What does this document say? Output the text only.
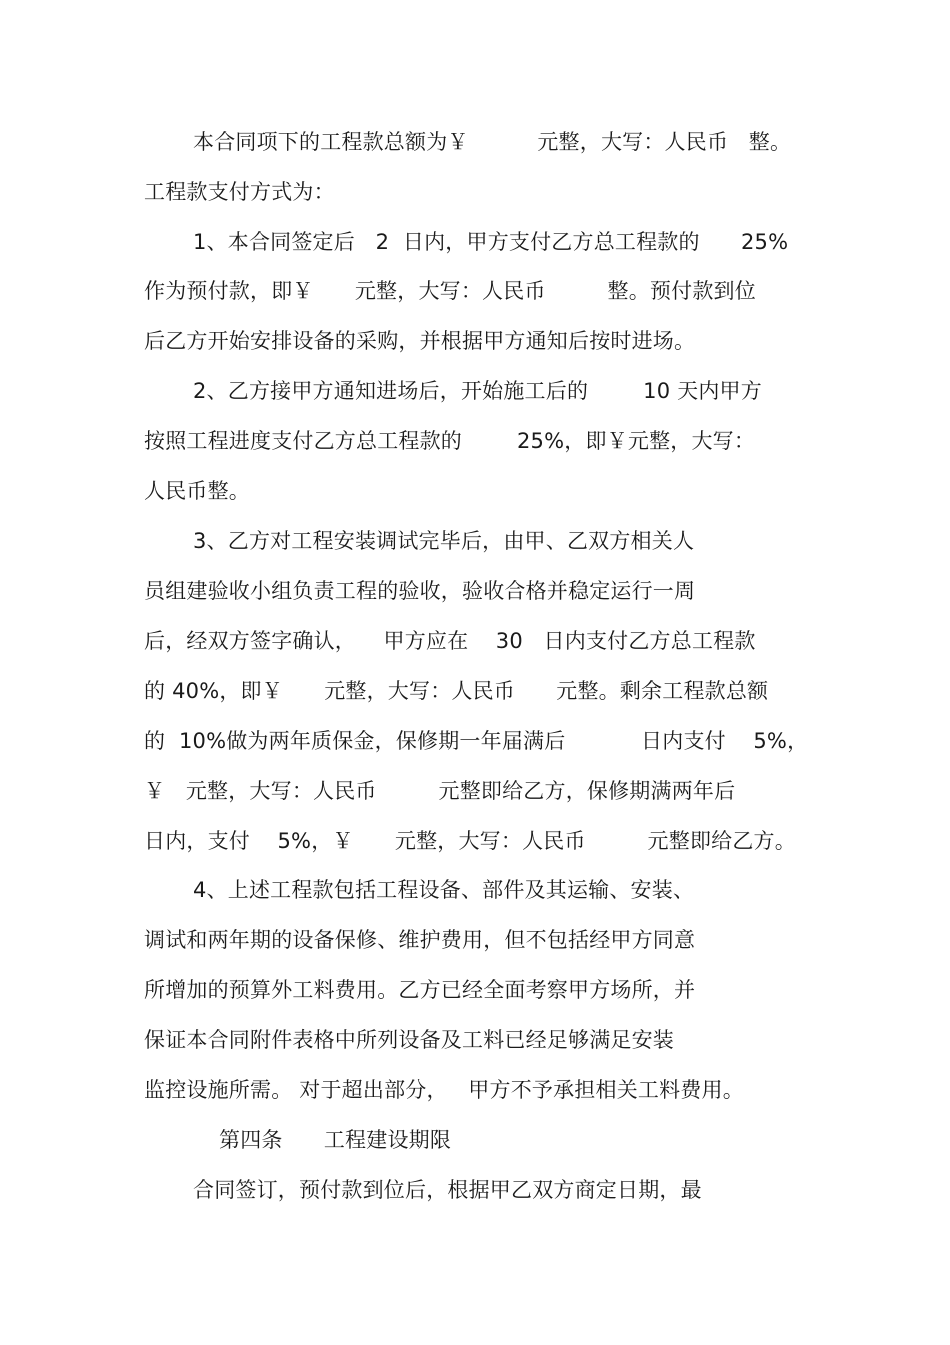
本合同项下的工程款总额为￥          元整，大写：人民币   整。
工程款支付方式为：
1、本合同签定后   2  日内，甲方支付乙方总工程款的      25%
作为预付款，即￥      元整，大写：人民币         整。预付款到位
后乙方开始安排设备的采购，并根据甲方通知后按时进场。
2、乙方接甲方通知进场后，开始施工后的        10 天内甲方
按照工程进度支付乙方总工程款的        25%，即￥元整，大写：
人民币整。
3、乙方对工程安装调试完毕后，由甲、乙双方相关人
员组建验收小组负责工程的验收，验收合格并稳定运行一周
后，经双方签字确认，    甲方应在    30   日内支付乙方总工程款
的 40%，即￥      元整，大写：人民币      元整。剩余工程款总额
的  10%做为两年质保金，保修期一年届满后           日内支付    5%，
￥   元整，大写：人民币         元整即给乙方，保修期满两年后
日内，支付    5%，￥      元整，大写：人民币         元整即给乙方。
4、上述工程款包括工程设备、部件及其运输、安装、
调试和两年期的设备保修、维护费用，但不包括经甲方同意
所增加的预算外工料费用。乙方已经全面考察甲方场所，并
保证本合同附件表格中所列设备及工料已经足够满足安装
监控设施所需。 对于超出部分，   甲方不予承担相关工料费用。
第四条      工程建设期限
合同签订，预付款到位后，根据甲乙双方商定日期，最
